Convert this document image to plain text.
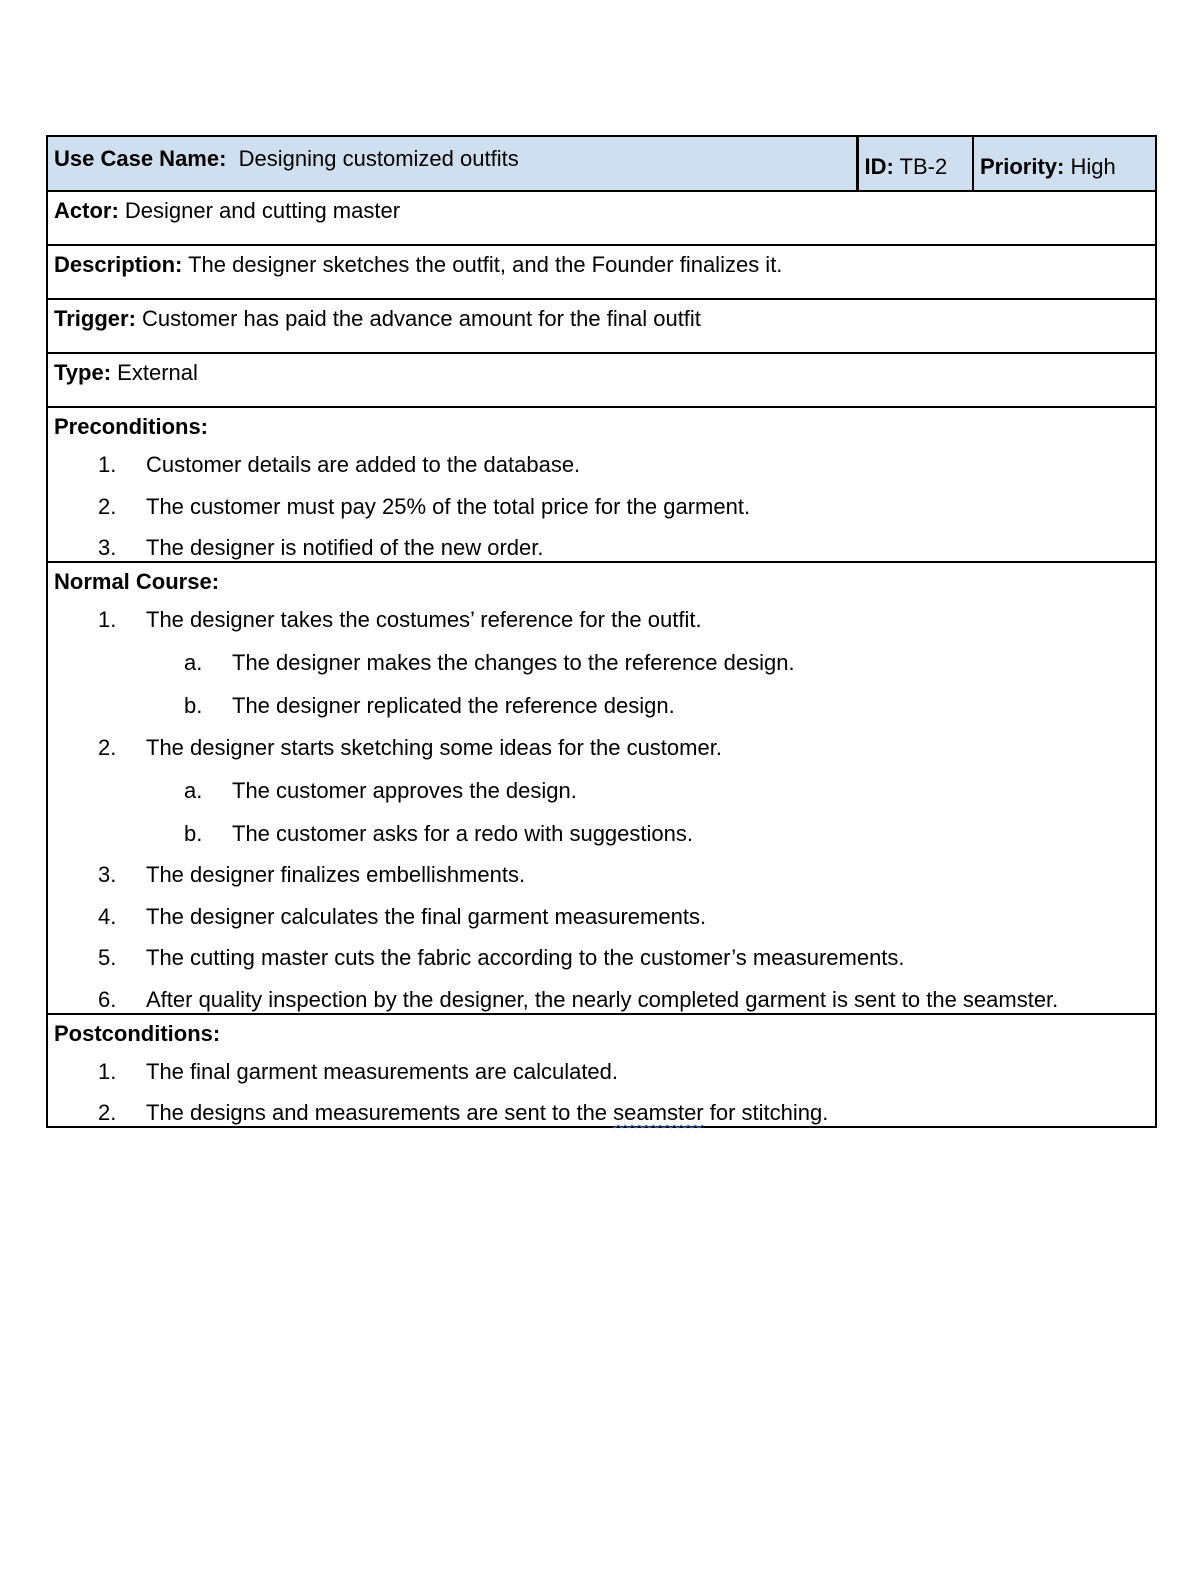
Use Case Name: Designing customized outfits	ID: TB-2	Priority: High
Actor: Designer and cutting master
Description: The designer sketches the outfit, and the Founder finalizes it.
Trigger: Customer has paid the advance amount for the final outfit
Type: External
Preconditions:
1.	Customer details are added to the database.
2.	The customer must pay 25% of the total price for the garment.
3.	The designer is notified of the new order.

Normal Course:
1.	The designer takes the costumes’ reference for the outfit.
a.	The designer makes the changes to the reference design.
b.	The designer replicated the reference design.
2.	The designer starts sketching some ideas for the customer.
a.	The customer approves the design.
b.	The customer asks for a redo with suggestions.
3.	The designer finalizes embellishments.
4.	The designer calculates the final garment measurements.
5.	The cutting master cuts the fabric according to the customer’s measurements.
6.	After quality inspection by the designer, the nearly completed garment is sent to the seamster.

Postconditions:
1.	The final garment measurements are calculated.
2.	The designs and measurements are sent to the seamster for stitching.
